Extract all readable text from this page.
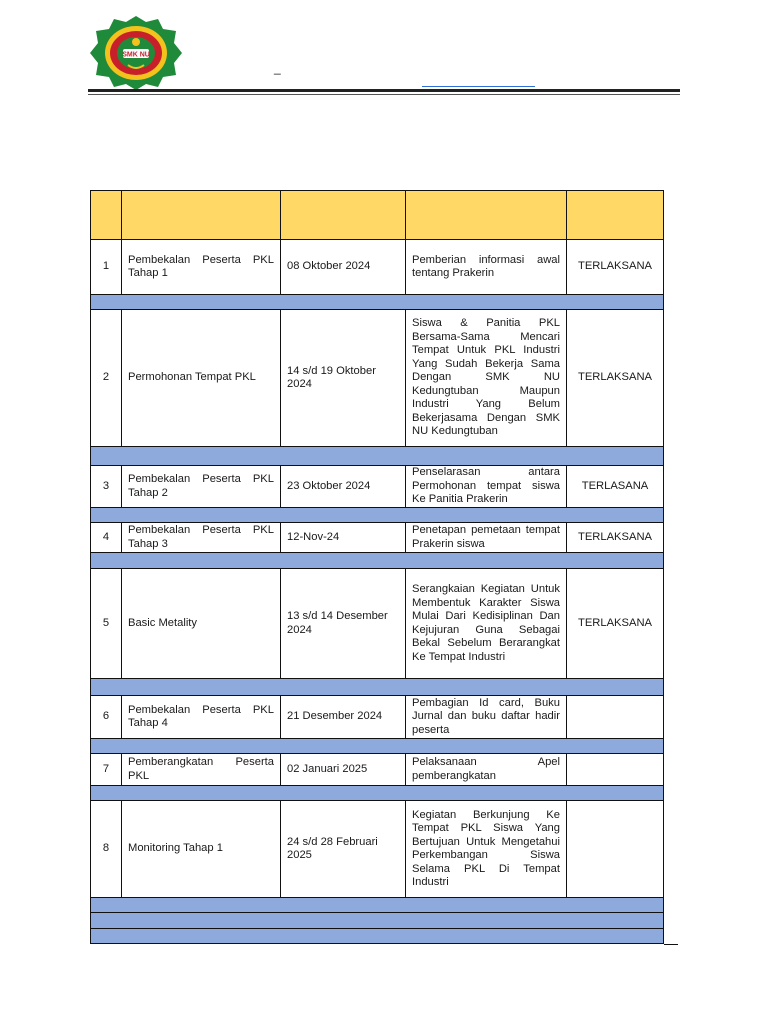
SMK NU
_

1	Pembekalan Peserta PKL Tahap 1	08 Oktober 2024	Pemberian informasi awal tentang Prakerin	TERLAKSANA

2	Permohonan Tempat PKL	14 s/d 19 Oktober 2024	Siswa & Panitia PKL Bersama-Sama Mencari Tempat Untuk PKL Industri Yang Sudah Bekerja Sama Dengan SMK NU Kedungtuban Maupun Industri Yang Belum Bekerjasama Dengan SMK NU Kedungtuban	TERLAKSANA

3	Pembekalan Peserta PKL Tahap 2	23 Oktober 2024	Penselarasan antara Permohonan tempat siswa Ke Panitia Prakerin	TERLASANA

4	Pembekalan Peserta PKL Tahap 3	12-Nov-24	Penetapan pemetaan tempat Prakerin siswa	TERLAKSANA

5	Basic Metality	13 s/d 14 Desember 2024	Serangkaian Kegiatan Untuk Membentuk Karakter Siswa Mulai Dari Kedisiplinan Dan Kejujuran Guna Sebagai Bekal Sebelum Berarangkat Ke Tempat Industri	TERLAKSANA

6	Pembekalan Peserta PKL Tahap 4	21 Desember 2024	Pembagian Id card, Buku Jurnal dan buku daftar hadir peserta	

7	Pemberangkatan Peserta PKL	02 Januari 2025	Pelaksanaan Apel pemberangkatan	

8	Monitoring Tahap 1	24 s/d 28 Februari 2025	Kegiatan Berkunjung Ke Tempat PKL Siswa Yang Bertujuan Untuk Mengetahui Perkembangan Siswa Selama PKL Di Tempat Industri	
